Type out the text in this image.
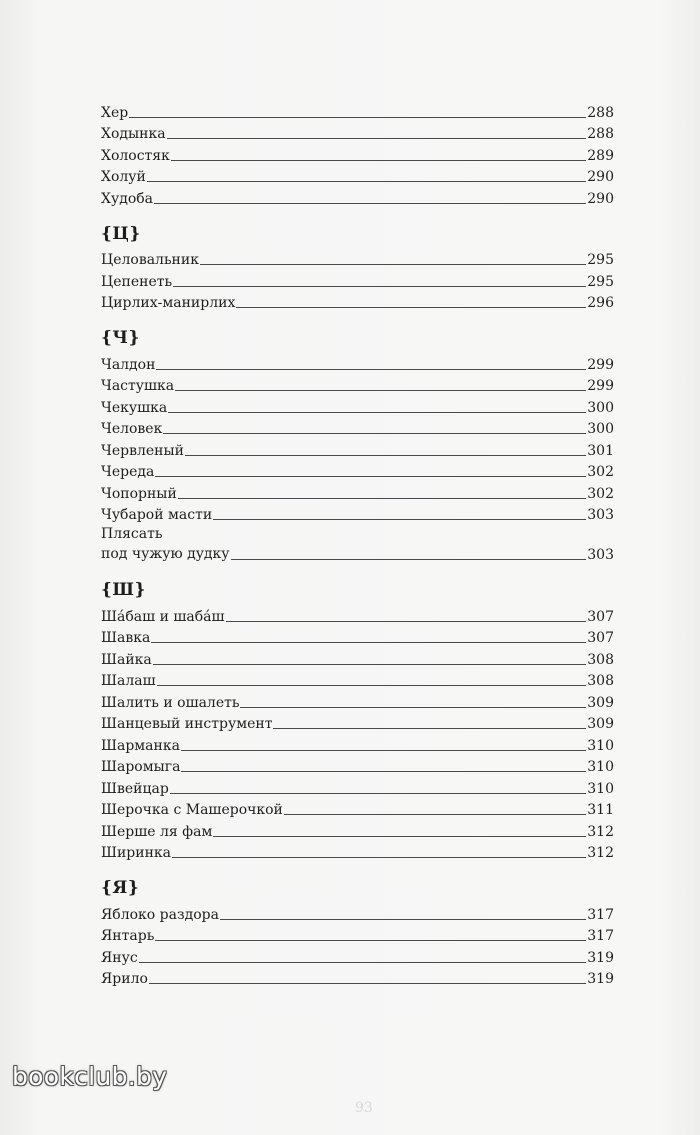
Хер	288
Ходынка	288
Холостяк	289
Холуй	290
Худоба	290
{Ц}
Целовальник	295
Цепенеть	295
Цирлих-манирлих	296
{Ч}
Чалдон	299
Частушка	299
Чекушка	300
Человек	300
Червленый	301
Череда	302
Чопорный	302
Чубарой масти	303
Плясать
под чужую дудку	303
{Ш}
Шáбаш и шабáш	307
Шавка	307
Шайка	308
Шалаш	308
Шалить и ошалеть	309
Шанцевый инструмент	309
Шарманка	310
Шаромыга	310
Швейцар	310
Шерочка с Машерочкой	311
Шерше ля фам	312
Ширинка	312
{Я}
Яблоко раздора	317
Янтарь	317
Янус	319
Ярило	319
bookclub.by
93
